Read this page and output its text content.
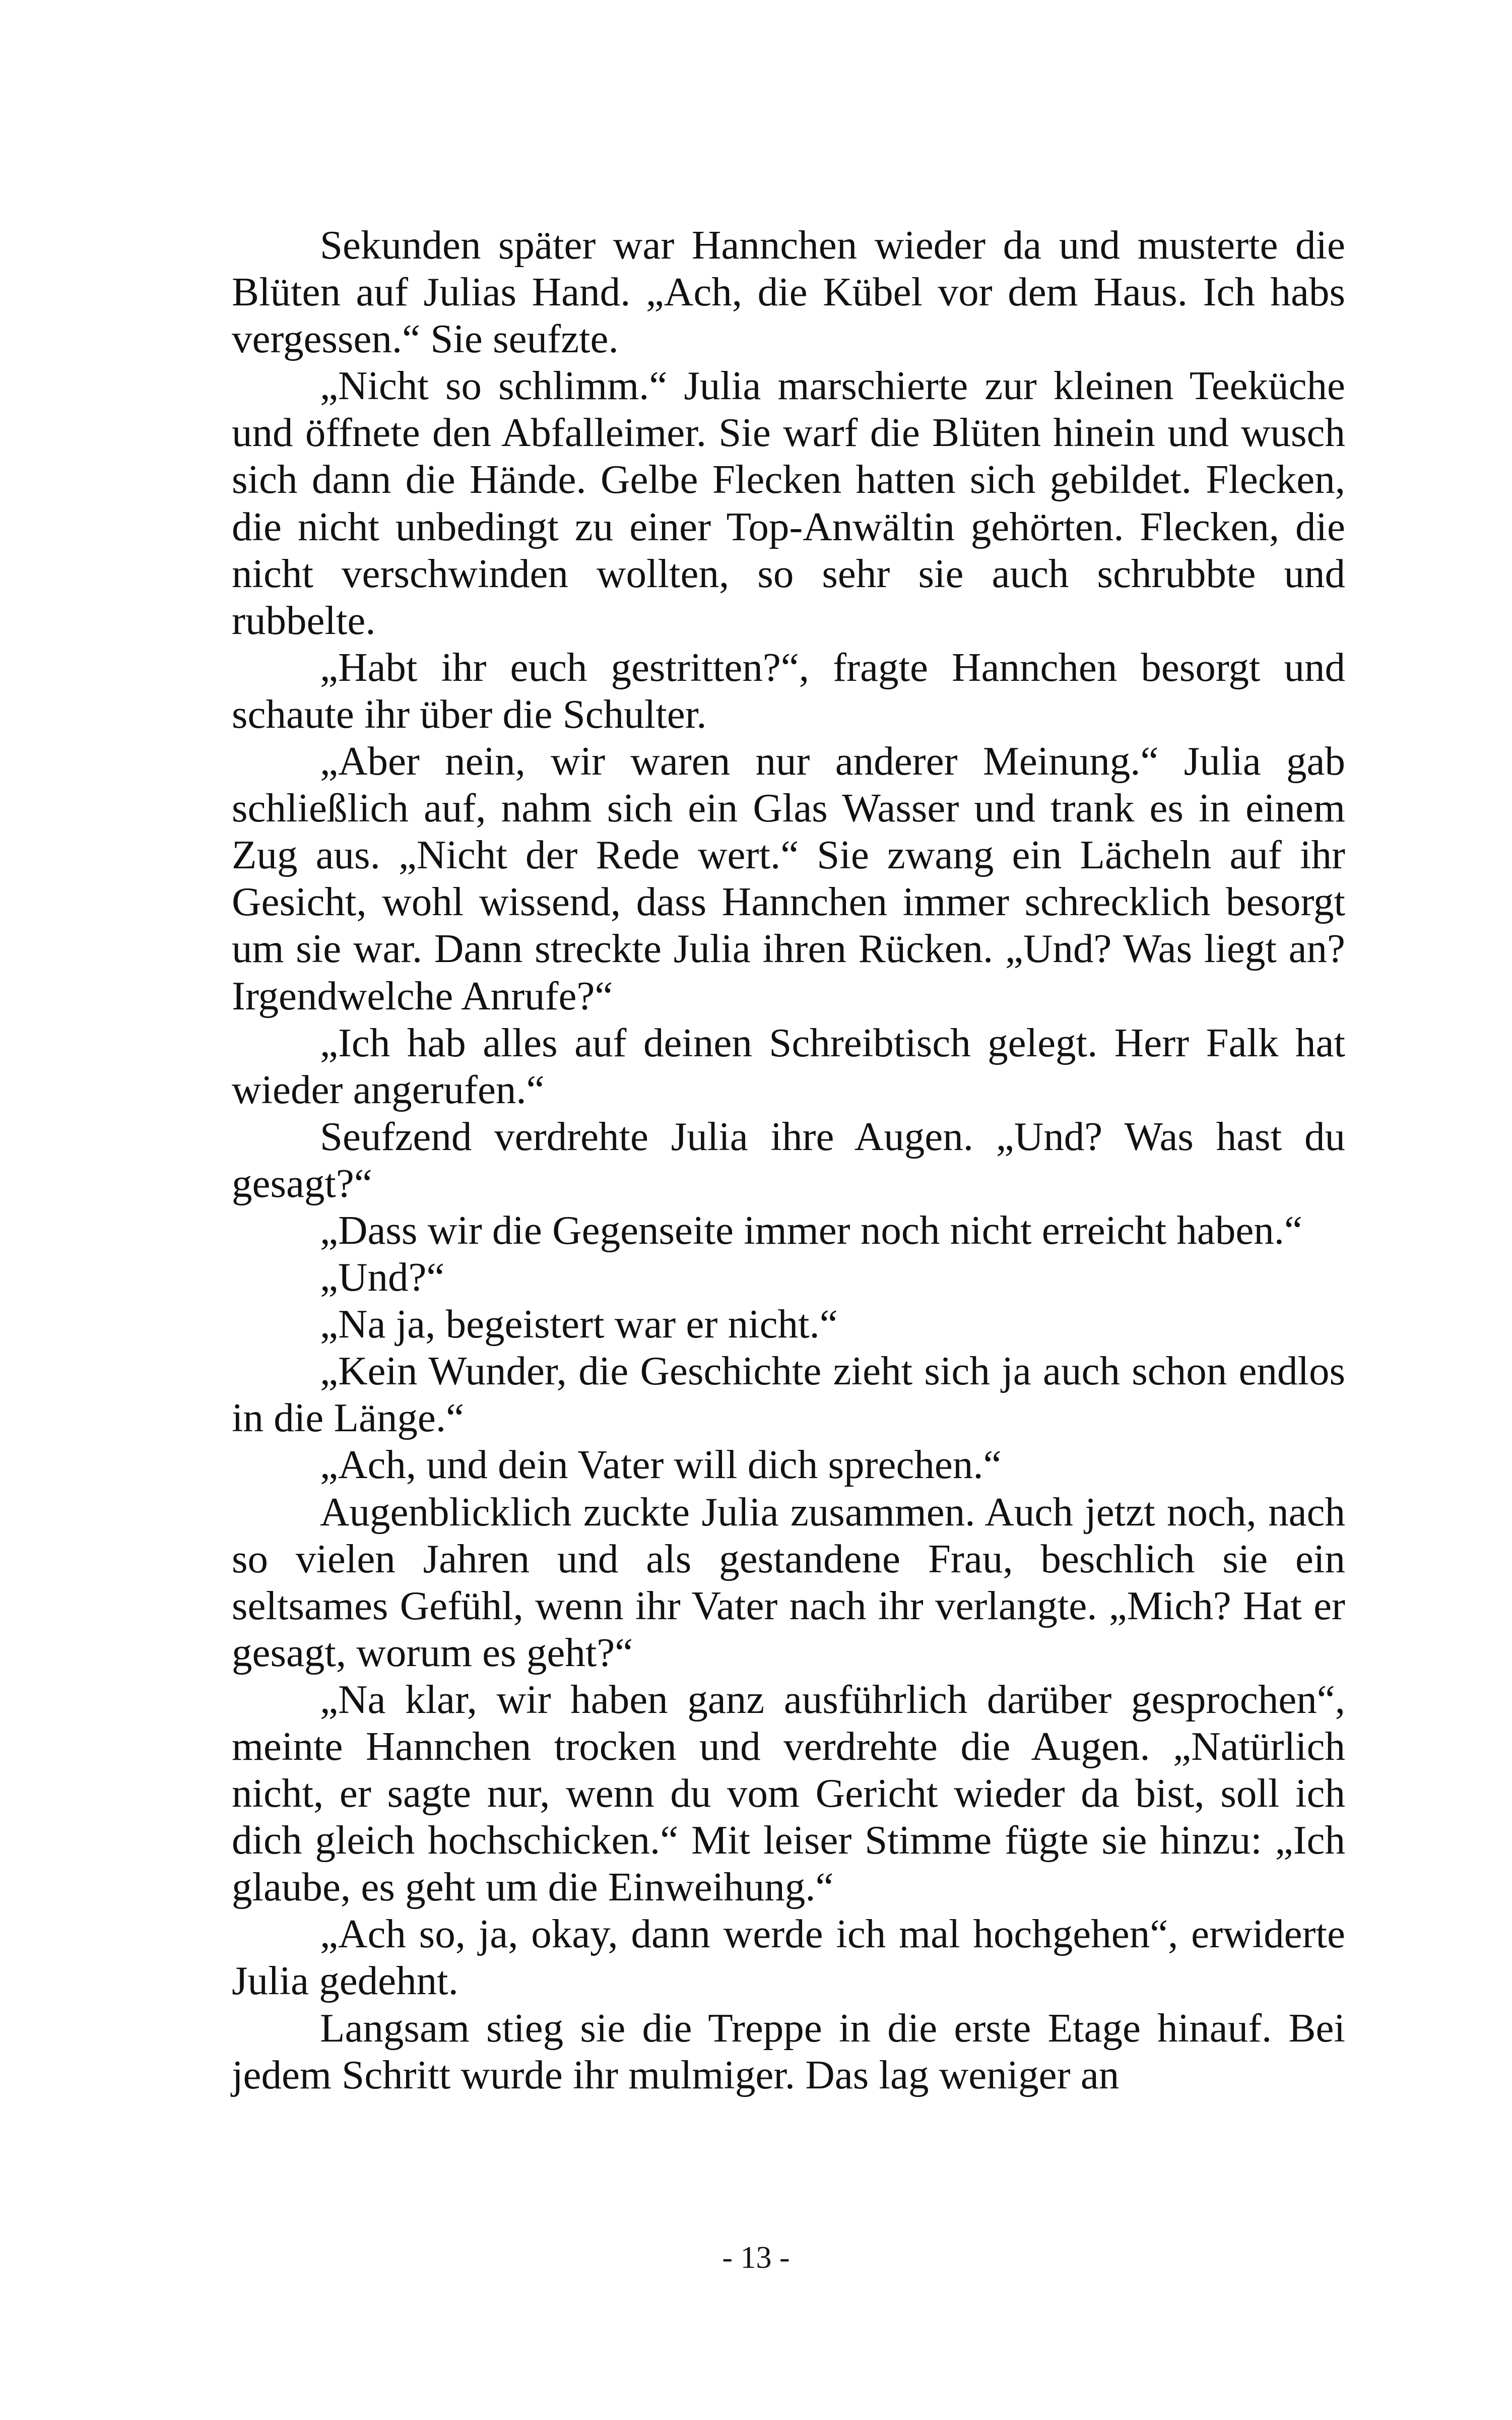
Sekunden später war Hannchen wieder da und musterte die Blüten auf Julias Hand. „Ach, die Kübel vor dem Haus. Ich habs vergessen.“ Sie seufzte.

„Nicht so schlimm.“ Julia marschierte zur kleinen Teeküche und öffnete den Abfalleimer. Sie warf die Blüten hinein und wusch sich dann die Hände. Gelbe Flecken hatten sich gebildet. Flecken, die nicht unbedingt zu einer Top-Anwältin gehörten. Flecken, die nicht verschwinden wollten, so sehr sie auch schrubbte und rubbelte.

„Habt ihr euch gestritten?“, fragte Hannchen besorgt und schaute ihr über die Schulter.

„Aber nein, wir waren nur anderer Meinung.“ Julia gab schließlich auf, nahm sich ein Glas Wasser und trank es in einem Zug aus. „Nicht der Rede wert.“ Sie zwang ein Lächeln auf ihr Gesicht, wohl wissend, dass Hannchen immer schrecklich besorgt um sie war. Dann streckte Julia ihren Rücken. „Und? Was liegt an? Irgendwelche Anrufe?“

„Ich hab alles auf deinen Schreibtisch gelegt. Herr Falk hat wieder angerufen.“

Seufzend verdrehte Julia ihre Augen. „Und? Was hast du gesagt?“

„Dass wir die Gegenseite immer noch nicht erreicht haben.“

„Und?“

„Na ja, begeistert war er nicht.“

„Kein Wunder, die Geschichte zieht sich ja auch schon endlos in die Länge.“

„Ach, und dein Vater will dich sprechen.“

Augenblicklich zuckte Julia zusammen. Auch jetzt noch, nach so vielen Jahren und als gestandene Frau, beschlich sie ein seltsames Gefühl, wenn ihr Vater nach ihr verlangte. „Mich? Hat er gesagt, worum es geht?“

„Na klar, wir haben ganz ausführlich darüber gesprochen“, meinte Hannchen trocken und verdrehte die Augen. „Natürlich nicht, er sagte nur, wenn du vom Gericht wieder da bist, soll ich dich gleich hochschicken.“ Mit leiser Stimme fügte sie hinzu: „Ich glaube, es geht um die Einweihung.“

„Ach so, ja, okay, dann werde ich mal hochgehen“, erwiderte Julia gedehnt.

Langsam stieg sie die Treppe in die erste Etage hinauf. Bei jedem Schritt wurde ihr mulmiger. Das lag weniger an

- 13 -
